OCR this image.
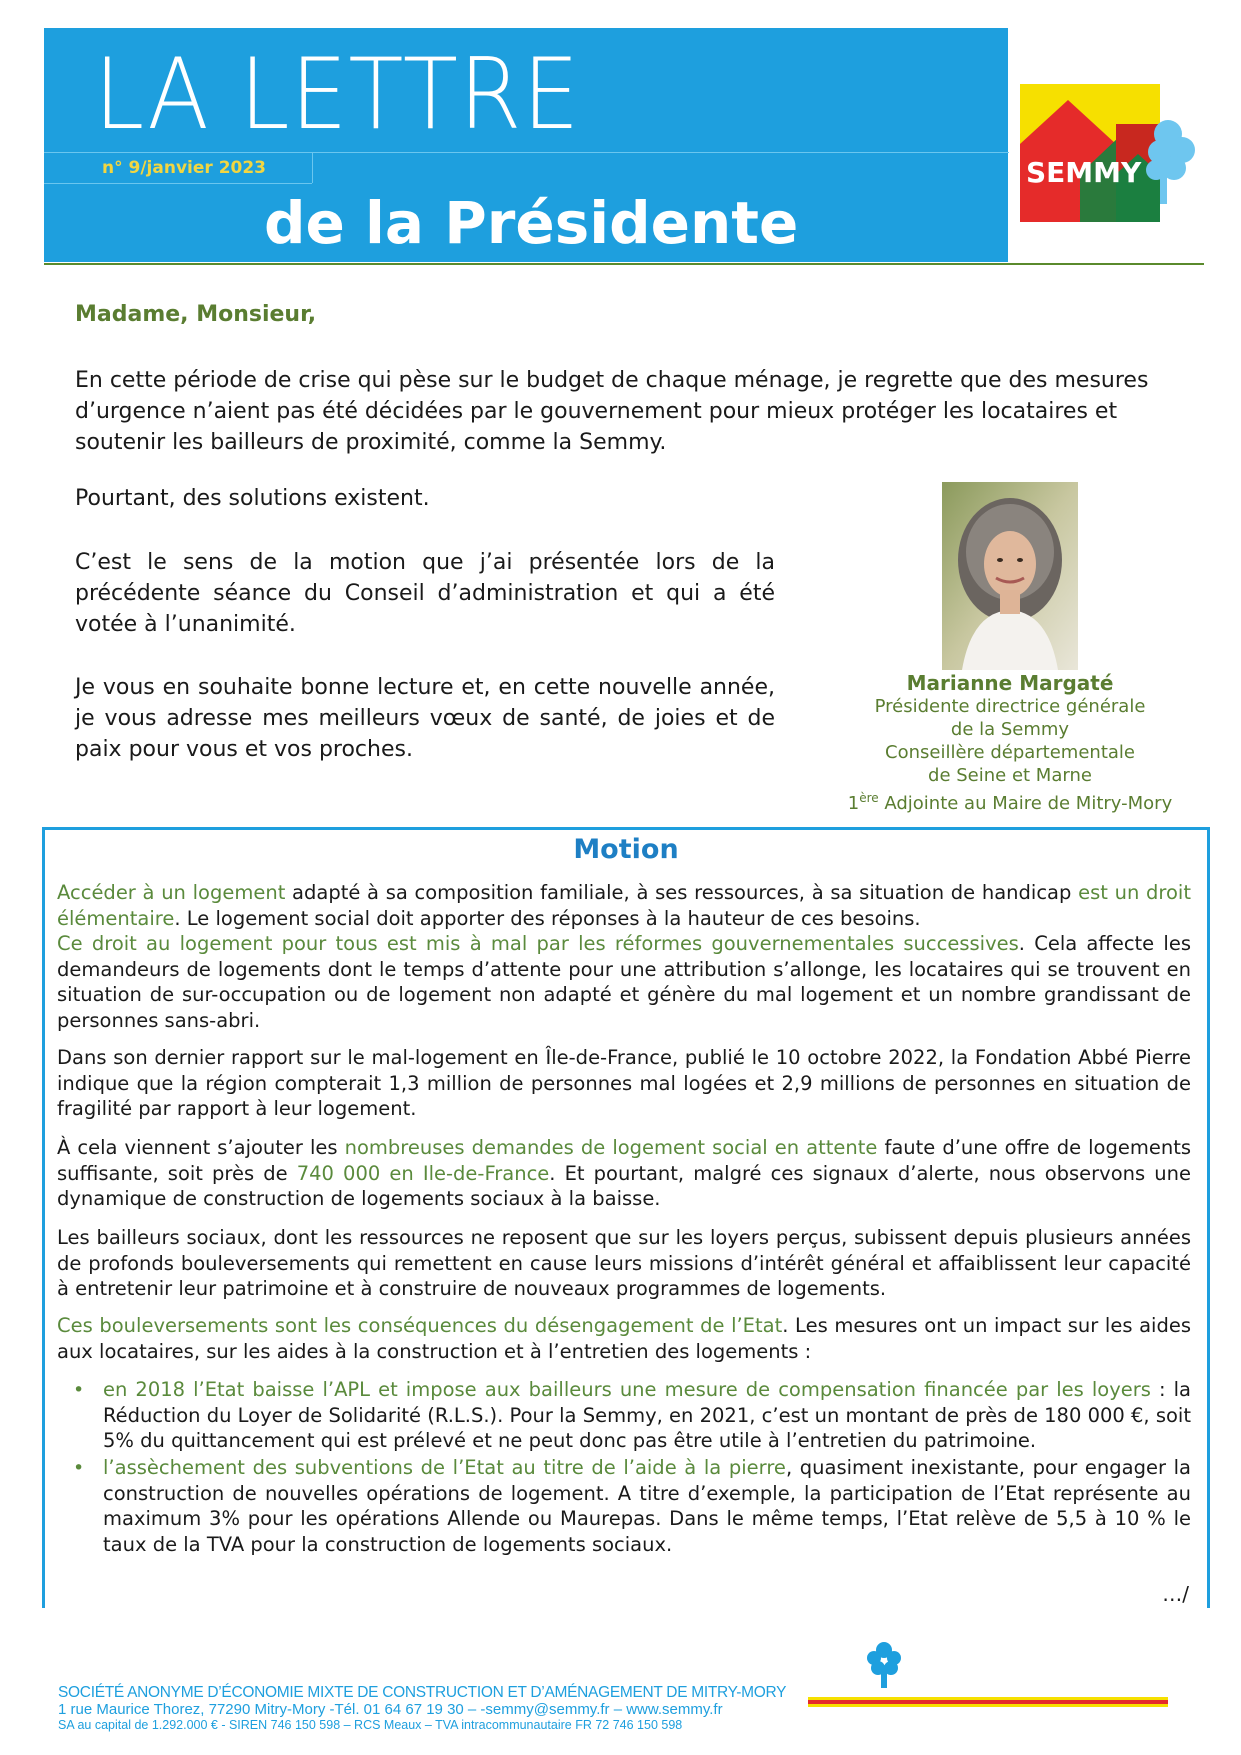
LA LETTRE
n° 9/janvier 2023
de la Présidente
SEMMY
Madame, Monsieur,
En cette période de crise qui pèse sur le budget de chaque ménage, je regrette que des mesures d’urgence n’aient pas été décidées par le gouvernement pour mieux protéger les locataires et soutenir les bailleurs de proximité, comme la Semmy.
Pourtant, des solutions existent.
C’est le sens de la motion que j’ai présentée lors de la précédente séance du Conseil d’administration et qui a été votée à l’unanimité.
Je vous en souhaite bonne lecture et, en cette nouvelle année, je vous adresse mes meilleurs vœux de santé, de joies et de paix pour vous et vos proches.
Marianne Margaté
Présidente directrice générale
de la Semmy
Conseillère départementale
de Seine et Marne
1ère Adjointe au Maire de Mitry-Mory
Motion
Accéder à un logement adapté à sa composition familiale, à ses ressources, à sa situation de handicap est un droit élémentaire. Le logement social doit apporter des réponses à la hauteur de ces besoins.
Ce droit au logement pour tous est mis à mal par les réformes gouvernementales successives. Cela affecte les demandeurs de logements dont le temps d’attente pour une attribution s’allonge, les locataires qui se trouvent en situation de sur-occupation ou de logement non adapté et génère du mal logement et un nombre grandissant de personnes sans-abri.
Dans son dernier rapport sur le mal-logement en Île-de-France, publié le 10 octobre 2022, la Fondation Abbé Pierre indique que la région compterait 1,3 million de personnes mal logées et 2,9 millions de personnes en situation de fragilité par rapport à leur logement.
À cela viennent s’ajouter les nombreuses demandes de logement social en attente faute d’une offre de logements suffisante, soit près de 740 000 en Ile-de-France. Et pourtant, malgré ces signaux d’alerte, nous observons une dynamique de construction de logements sociaux à la baisse.
Les bailleurs sociaux, dont les ressources ne reposent que sur les loyers perçus, subissent depuis plusieurs années de profonds bouleversements qui remettent en cause leurs missions d’intérêt général et affaiblissent leur capacité à entretenir leur patrimoine et à construire de nouveaux programmes de logements.
Ces bouleversements sont les conséquences du désengagement de l’Etat. Les mesures ont un impact sur les aides aux locataires, sur les aides à la construction et à l’entretien des logements :
• en 2018 l’Etat baisse l’APL et impose aux bailleurs une mesure de compensation financée par les loyers : la Réduction du Loyer de Solidarité (R.L.S.). Pour la Semmy, en 2021, c’est un montant de près de 180 000 €, soit 5% du quittancement qui est prélevé et ne peut donc pas être utile à l’entretien du patrimoine.
• l’assèchement des subventions de l’Etat au titre de l’aide à la pierre, quasiment inexistante, pour engager la construction de nouvelles opérations de logement. A titre d’exemple, la participation de l’Etat représente au maximum 3% pour les opérations Allende ou Maurepas. Dans le même temps, l’Etat relève de 5,5 à 10 % le taux de la TVA pour la construction de logements sociaux.
…/
SOCIÉTÉ ANONYME D’ÉCONOMIE MIXTE DE CONSTRUCTION ET D’AMÉNAGEMENT DE MITRY-MORY
1 rue Maurice Thorez, 77290 Mitry-Mory -Tél. 01 64 67 19 30 – -semmy@semmy.fr – www.semmy.fr
SA au capital de 1.292.000 € - SIREN 746 150 598 – RCS Meaux – TVA intracommunautaire FR 72 746 150 598
